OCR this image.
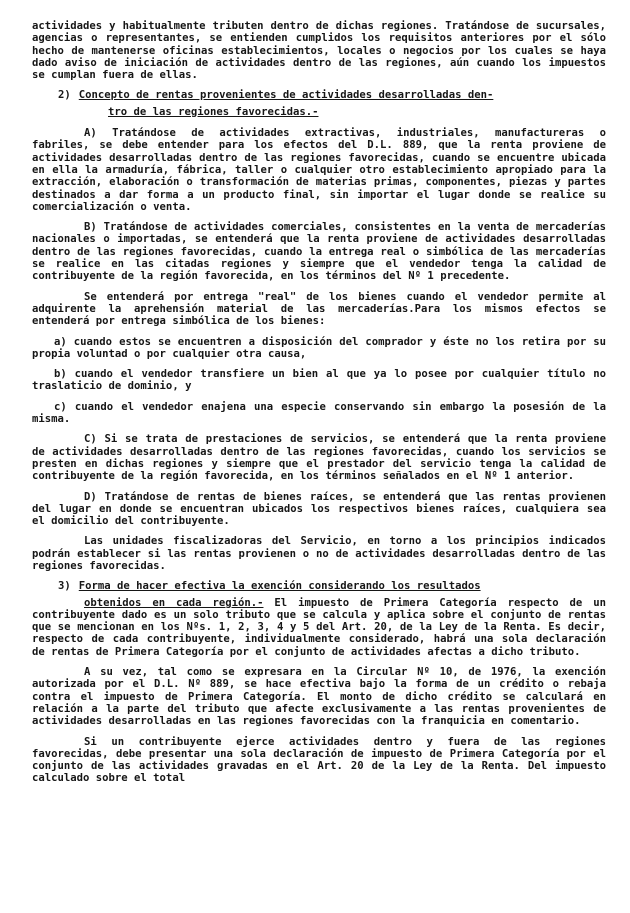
actividades y habitualmente tributen dentro de dichas regiones. Tratándose de sucursales, agencias o representantes, se entienden cumplidos los requisitos anteriores por el sólo hecho de mantenerse oficinas establecimientos, locales o negocios por los cuales se haya dado aviso de iniciación de actividades dentro de las regiones, aún cuando los impuestos se cumplan fuera de ellas.

2) Concepto de rentas provenientes de actividades desarrolladas den-
tro de las regiones favorecidas.-

A) Tratándose de actividades extractivas, industriales, manufactureras o fabriles, se debe entender para los efectos del D.L. 889, que la renta proviene de actividades desarrolladas dentro de las regiones favorecidas, cuando se encuentre ubicada en ella la armaduría, fábrica, taller o cualquier otro establecimiento apropiado para la extracción, elaboración o transformación de materias primas, componentes, piezas y partes destinados a dar forma a un producto final, sin importar el lugar donde se realice su comercialización o venta.

B) Tratándose de actividades comerciales, consistentes en la venta de mercaderías nacionales o importadas, se entenderá que la renta proviene de actividades desarrolladas dentro de las regiones favorecidas, cuando la entrega real o simbólica de las mercaderías se realice en las citadas regiones y siempre que el vendedor tenga la calidad de contribuyente de la región favorecida, en los términos del Nº 1 precedente.

Se entenderá por entrega "real" de los bienes cuando el vendedor permite al adquirente la aprehensión material de las mercaderías.Para los mismos efectos se entenderá por entrega simbólica de los bienes:

a) cuando estos se encuentren a disposición del comprador y éste no los retira por su propia voluntad o por cualquier otra causa,

b) cuando el vendedor transfiere un bien al que ya lo posee por cualquier título no traslaticio de dominio, y

c) cuando el vendedor enajena una especie conservando sin embargo la posesión de la misma.

C) Si se trata de prestaciones de servicios, se entenderá que la renta proviene de actividades desarrolladas dentro de las regiones favorecidas, cuando los servicios se presten en dichas regiones y siempre que el prestador del servicio tenga la calidad de contribuyente de la región favorecida, en los términos señalados en el Nº 1 anterior.

D) Tratándose de rentas de bienes raíces, se entenderá que las rentas provienen del lugar en donde se encuentran ubicados los respectivos bienes raíces, cualquiera sea el domicilio del contribuyente.

Las unidades fiscalizadoras del Servicio, en torno a los principios indicados podrán establecer si las rentas provienen o no de actividades desarrolladas dentro de las regiones favorecidas.

3) Forma de hacer efectiva la exención considerando los resultados

obtenidos en cada región.- El impuesto de Primera Categoría respecto de un contribuyente dado es un solo tributo que se calcula y aplica sobre el conjunto de rentas que se mencionan en los Nºs. 1, 2, 3, 4 y 5 del Art. 20, de la Ley de la Renta. Es decir, respecto de cada contribuyente, individualmente considerado, habrá una sola declaración de rentas de Primera Categoría por el conjunto de actividades afectas a dicho tributo.

A su vez, tal como se expresara en la Circular Nº 10, de 1976, la exención autorizada por el D.L. Nº 889, se hace efectiva bajo la forma de un crédito o rebaja contra el impuesto de Primera Categoría. El monto de dicho crédito se calculará en relación a la parte del tributo que afecte exclusivamente a las rentas provenientes de actividades desarrolladas en las regiones favorecidas con la franquicia en comentario.

Si un contribuyente ejerce actividades dentro y fuera de las regiones favorecidas, debe presentar una sola declaración de impuesto de Primera Categoría por el conjunto de las actividades gravadas en el Art. 20 de la Ley de la Renta. Del impuesto calculado sobre el total
